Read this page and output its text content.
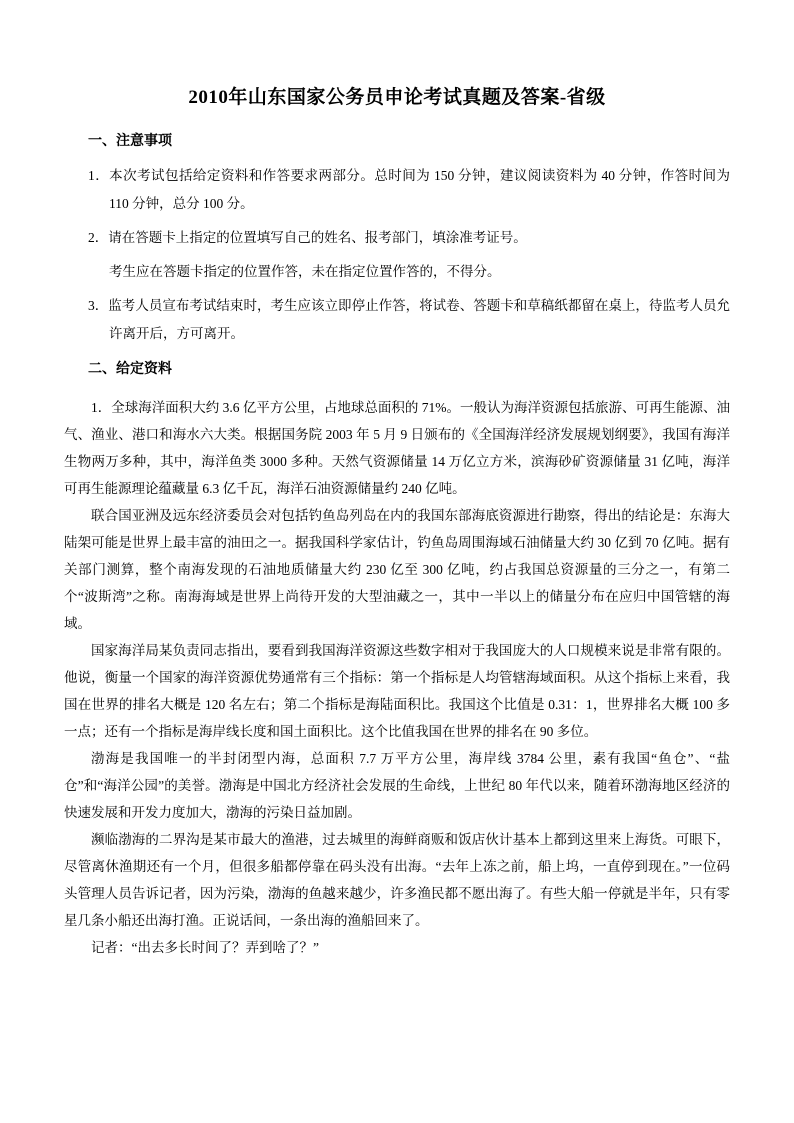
2010年山东国家公务员申论考试真题及答案-省级
一、注意事项

1．本次考试包括给定资料和作答要求两部分。总时间为 150 分钟，建议阅读资料为 40 分钟，作答时间为 110 分钟，总分 100 分。

2．请在答题卡上指定的位置填写自己的姓名、报考部门，填涂准考证号。

考生应在答题卡指定的位置作答，未在指定位置作答的，不得分。

3．监考人员宣布考试结束时，考生应该立即停止作答，将试卷、答题卡和草稿纸都留在桌上，待监考人员允许离开后，方可离开。

二、给定资料

1．全球海洋面积大约 3.6 亿平方公里，占地球总面积的 71%。一般认为海洋资源包括旅游、可再生能源、油气、渔业、港口和海水六大类。根据国务院 2003 年 5 月 9 日颁布的《全国海洋经济发展规划纲要》，我国有海洋生物两万多种，其中，海洋鱼类 3000 多种。天然气资源储量 14 万亿立方米，滨海砂矿资源储量 31 亿吨，海洋可再生能源理论蕴藏量 6.3 亿千瓦，海洋石油资源储量约 240 亿吨。

联合国亚洲及远东经济委员会对包括钓鱼岛列岛在内的我国东部海底资源进行勘察，得出的结论是：东海大陆架可能是世界上最丰富的油田之一。据我国科学家估计，钓鱼岛周围海域石油储量大约 30 亿到 70 亿吨。据有关部门测算，整个南海发现的石油地质储量大约 230 亿至 300 亿吨，约占我国总资源量的三分之一，有第二个“波斯湾”之称。南海海域是世界上尚待开发的大型油藏之一，其中一半以上的储量分布在应归中国管辖的海域。

国家海洋局某负责同志指出，要看到我国海洋资源这些数字相对于我国庞大的人口规模来说是非常有限的。他说，衡量一个国家的海洋资源优势通常有三个指标：第一个指标是人均管辖海域面积。从这个指标上来看，我国在世界的排名大概是 120 名左右；第二个指标是海陆面积比。我国这个比值是 0.31：1，世界排名大概 100 多一点；还有一个指标是海岸线长度和国土面积比。这个比值我国在世界的排名在 90 多位。

渤海是我国唯一的半封闭型内海，总面积 7.7 万平方公里，海岸线 3784 公里，素有我国“鱼仓”、“盐仓”和“海洋公园”的美誉。渤海是中国北方经济社会发展的生命线，上世纪 80 年代以来，随着环渤海地区经济的快速发展和开发力度加大，渤海的污染日益加剧。

濒临渤海的二界沟是某市最大的渔港，过去城里的海鲜商贩和饭店伙计基本上都到这里来上海货。可眼下，尽管离休渔期还有一个月，但很多船都停靠在码头没有出海。“去年上冻之前，船上坞，一直停到现在。”一位码头管理人员告诉记者，因为污染，渤海的鱼越来越少，许多渔民都不愿出海了。有些大船一停就是半年，只有零星几条小船还出海打渔。正说话间，一条出海的渔船回来了。

记者：“出去多长时间了？弄到啥了？”
